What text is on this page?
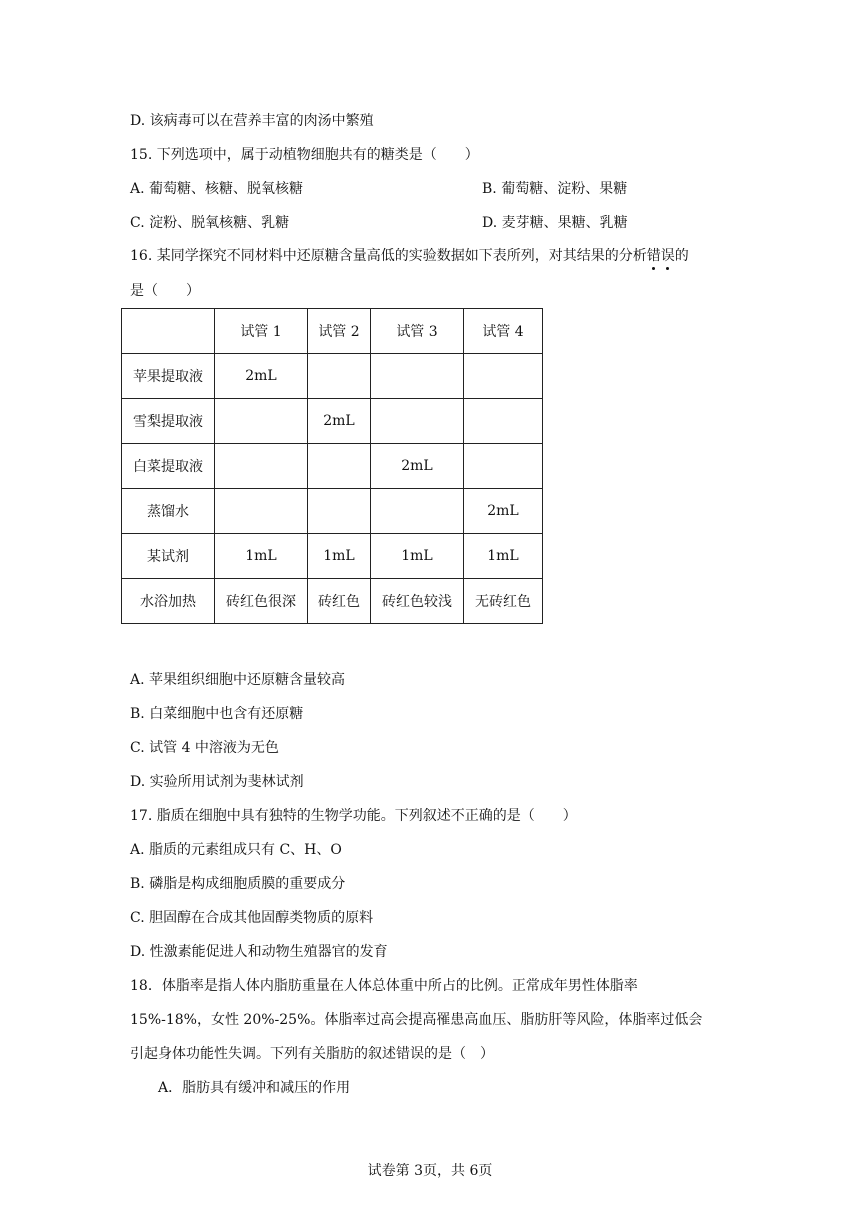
D. 该病毒可以在营养丰富的肉汤中繁殖
15. 下列选项中，属于动植物细胞共有的糖类是（　　）
A. 葡萄糖、核糖、脱氧核糖	B. 葡萄糖、淀粉、果糖
C. 淀粉、脱氧核糖、乳糖	D. 麦芽糖、果糖、乳糖
16. 某同学探究不同材料中还原糖含量高低的实验数据如下表所列，对其结果的分析错误的
是（　　）
	试管 1	试管 2	试管 3	试管 4
苹果提取液	2mL			
雪梨提取液		2mL		
白菜提取液			2mL	
蒸馏水				2mL
某试剂	1mL	1mL	1mL	1mL
水浴加热	砖红色很深	砖红色	砖红色较浅	无砖红色
A. 苹果组织细胞中还原糖含量较高
B. 白菜细胞中也含有还原糖
C. 试管 4 中溶液为无色
D. 实验所用试剂为斐林试剂
17. 脂质在细胞中具有独特的生物学功能。下列叙述不正确的是（　　）
A. 脂质的元素组成只有 C、H、O
B. 磷脂是构成细胞质膜的重要成分
C. 胆固醇在合成其他固醇类物质的原料
D. 性激素能促进人和动物生殖器官的发育
18．体脂率是指人体内脂肪重量在人体总体重中所占的比例。正常成年男性体脂率
15%-18%，女性 20%-25%。体脂率过高会提高罹患高血压、脂肪肝等风险，体脂率过低会
引起身体功能性失调。下列有关脂肪的叙述错误的是（　）
A．脂肪具有缓冲和减压的作用
试卷第 3页，共 6页
